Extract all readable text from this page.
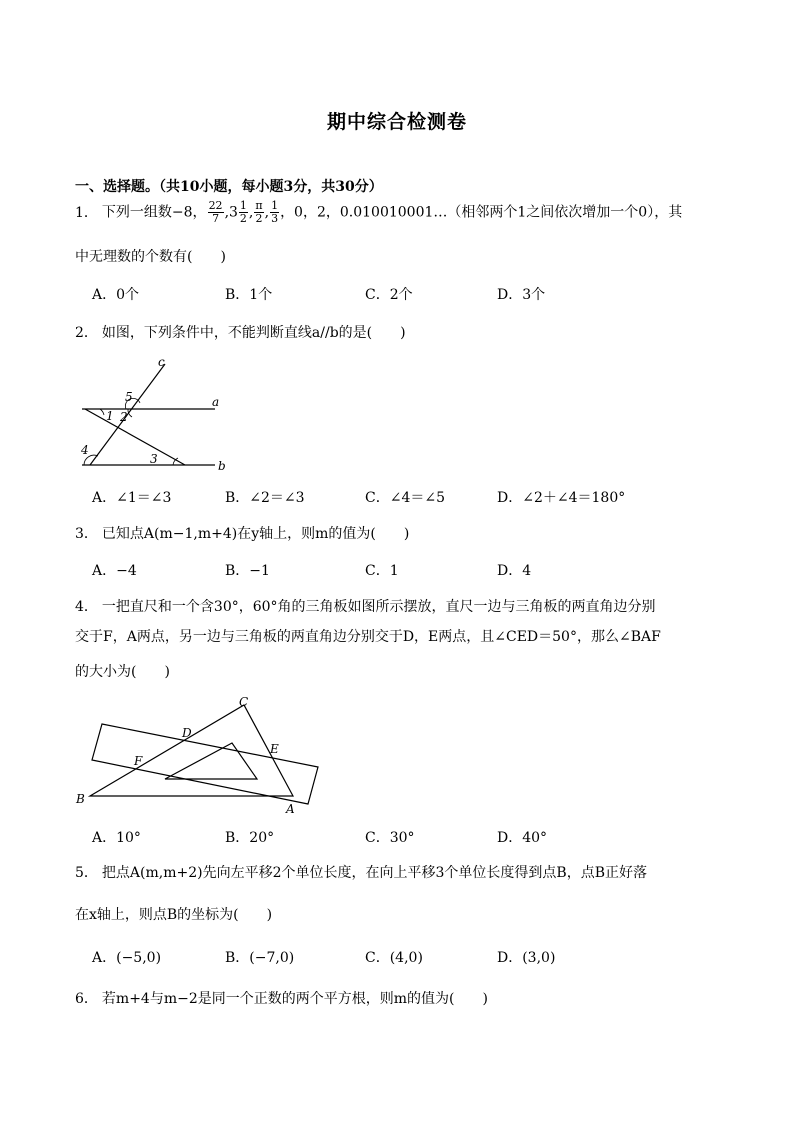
期中综合检测卷
一、选择题。（共10小题，每小题3分，共30分）
1． 下列一组数−8， $\frac{22}{7} ,3 \frac{1}{2}$ , $\frac{\pi}{2}$ , $\frac{1}{3}$ ，0，2，0.010010001…（相邻两个1之间依次增加一个0），其
中无理数的个数有(　　)
A．0个	B．1个	C．2个	D．3个
2． 如图，下列条件中，不能判断直线a//b的是(　　)
c
a
b
5
1 2
4
3
A．∠1＝∠3	B．∠2＝∠3	C．∠4＝∠5	D．∠2＋∠4＝180°
3． 已知点A(m−1,m+4)在y轴上，则m的值为(　　)
A．−4	B．−1	C．1	D．4
4． 一把直尺和一个含30°，60°角的三角板如图所示摆放，直尺一边与三角板的两直角边分别
交于F，A两点，另一边与三角板的两直角边分别交于D，E两点，且∠CED＝50°，那么∠BAF
的大小为(　　)
C
D
E
F
B
A
A．10°	B．20°	C．30°	D．40°
5． 把点A(m,m+2)先向左平移2个单位长度，在向上平移3个单位长度得到点B，点B正好落
在x轴上，则点B的坐标为(　　)
A．(−5,0)	B．(−7,0)	C．(4,0)	D．(3,0)
6． 若m+4与m−2是同一个正数的两个平方根，则m的值为(　　)
